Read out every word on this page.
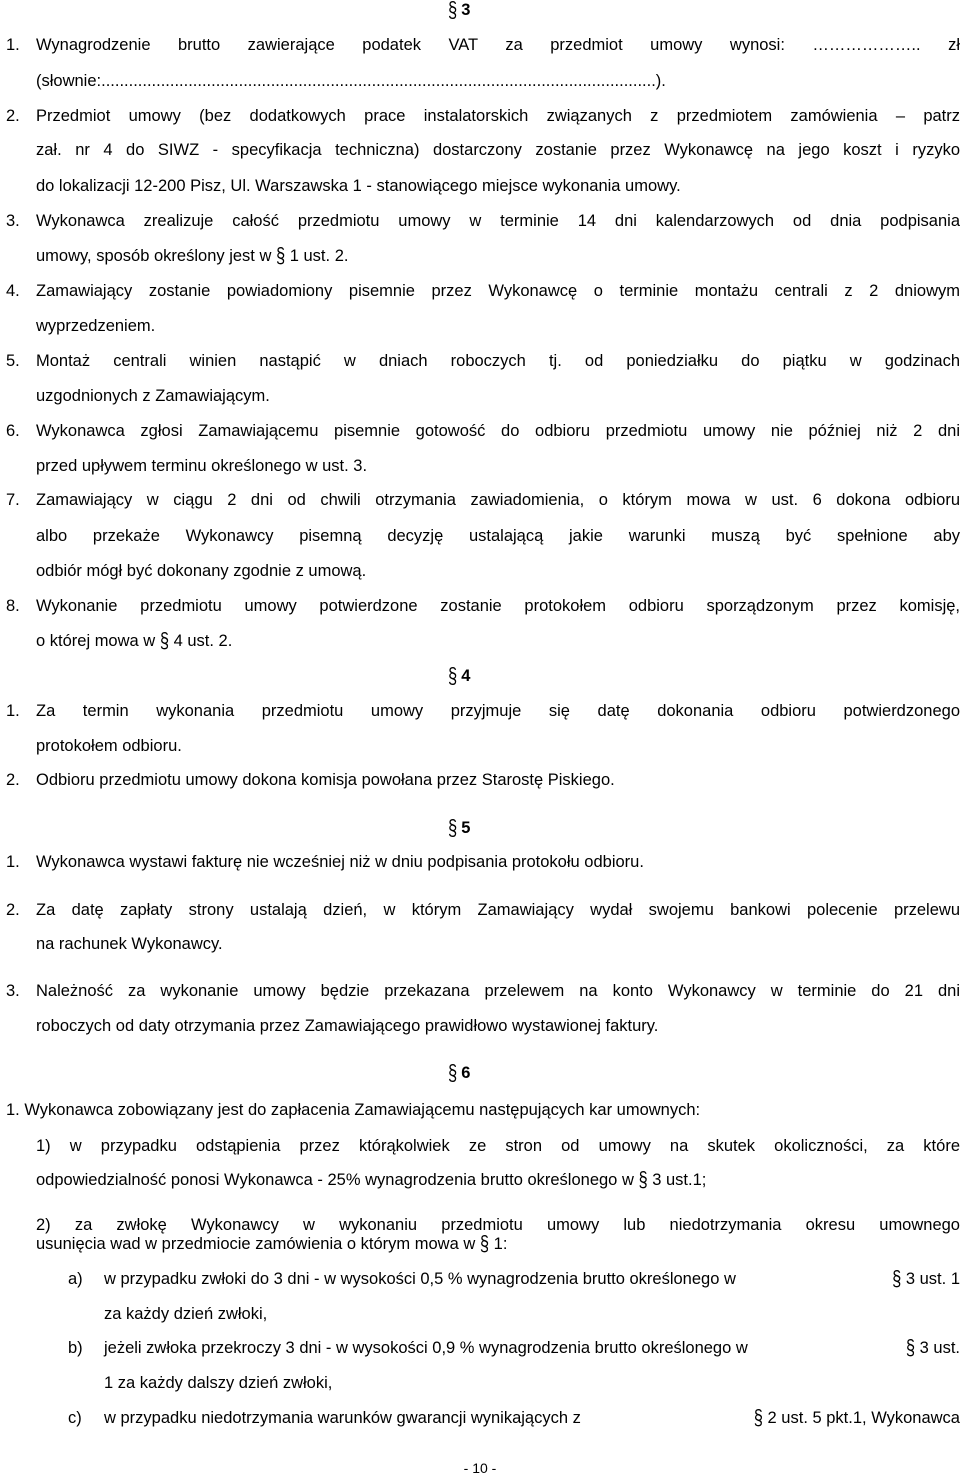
§ 3
1. Wynagrodzenie brutto zawierające podatek VAT za przedmiot umowy wynosi: ……………….. zł
(słownie:.........................................................................................................................).
2. Przedmiot umowy (bez dodatkowych prace instalatorskich związanych z przedmiotem zamówienia – patrz
zał. nr 4 do SIWZ - specyfikacja techniczna) dostarczony zostanie przez Wykonawcę na jego koszt i ryzyko
do lokalizacji 12-200 Pisz, Ul. Warszawska 1 - stanowiącego miejsce wykonania umowy.
3. Wykonawca zrealizuje całość przedmiotu umowy w terminie 14 dni kalendarzowych od dnia podpisania
umowy, sposób określony jest w § 1 ust. 2.
4. Zamawiający zostanie powiadomiony pisemnie przez Wykonawcę o terminie montażu centrali z 2 dniowym
wyprzedzeniem.
5. Montaż centrali winien nastąpić w dniach roboczych tj. od poniedziałku do piątku w godzinach
uzgodnionych z Zamawiającym.
6. Wykonawca zgłosi Zamawiającemu pisemnie gotowość do odbioru przedmiotu umowy nie później niż 2 dni
przed upływem terminu określonego w ust. 3.
7. Zamawiający w ciągu 2 dni od chwili otrzymania zawiadomienia, o którym mowa w ust. 6 dokona odbioru
albo przekaże Wykonawcy pisemną decyzję ustalającą jakie warunki muszą być spełnione aby
odbiór mógł być dokonany zgodnie z umową.
8. Wykonanie przedmiotu umowy potwierdzone zostanie protokołem odbioru sporządzonym przez komisję,
o której mowa w § 4 ust. 2.
§ 4
1. Za termin wykonania przedmiotu umowy przyjmuje się datę dokonania odbioru potwierdzonego
protokołem odbioru.
2. Odbioru przedmiotu umowy dokona komisja powołana przez Starostę Piskiego.
§ 5
1. Wykonawca wystawi fakturę nie wcześniej niż w dniu podpisania protokołu odbioru.
2. Za datę zapłaty strony ustalają dzień, w którym Zamawiający wydał swojemu bankowi polecenie przelewu
na rachunek Wykonawcy.
3. Należność za wykonanie umowy będzie przekazana przelewem na konto Wykonawcy w terminie do 21 dni
roboczych od daty otrzymania przez Zamawiającego prawidłowo wystawionej faktury.
§ 6
1. Wykonawca zobowiązany jest do zapłacenia Zamawiającemu następujących kar umownych:
1) w przypadku odstąpienia przez którąkolwiek ze stron od umowy na skutek okoliczności, za które
odpowiedzialność ponosi Wykonawca - 25% wynagrodzenia brutto określonego w § 3 ust.1;
2) za zwłokę Wykonawcy w wykonaniu przedmiotu umowy lub niedotrzymania okresu umownego
usunięcia wad w przedmiocie zamówienia o którym mowa w § 1:
a) w przypadku zwłoki do 3 dni - w wysokości 0,5 % wynagrodzenia brutto określonego w	§ 3 ust. 1
za każdy dzień zwłoki,
b) jeżeli zwłoka przekroczy 3 dni - w wysokości 0,9 % wynagrodzenia brutto określonego w	§ 3 ust.
1 za każdy dalszy dzień zwłoki,
c) w przypadku niedotrzymania warunków gwarancji wynikających z	§ 2 ust. 5 pkt.1, Wykonawca
- 10 -
